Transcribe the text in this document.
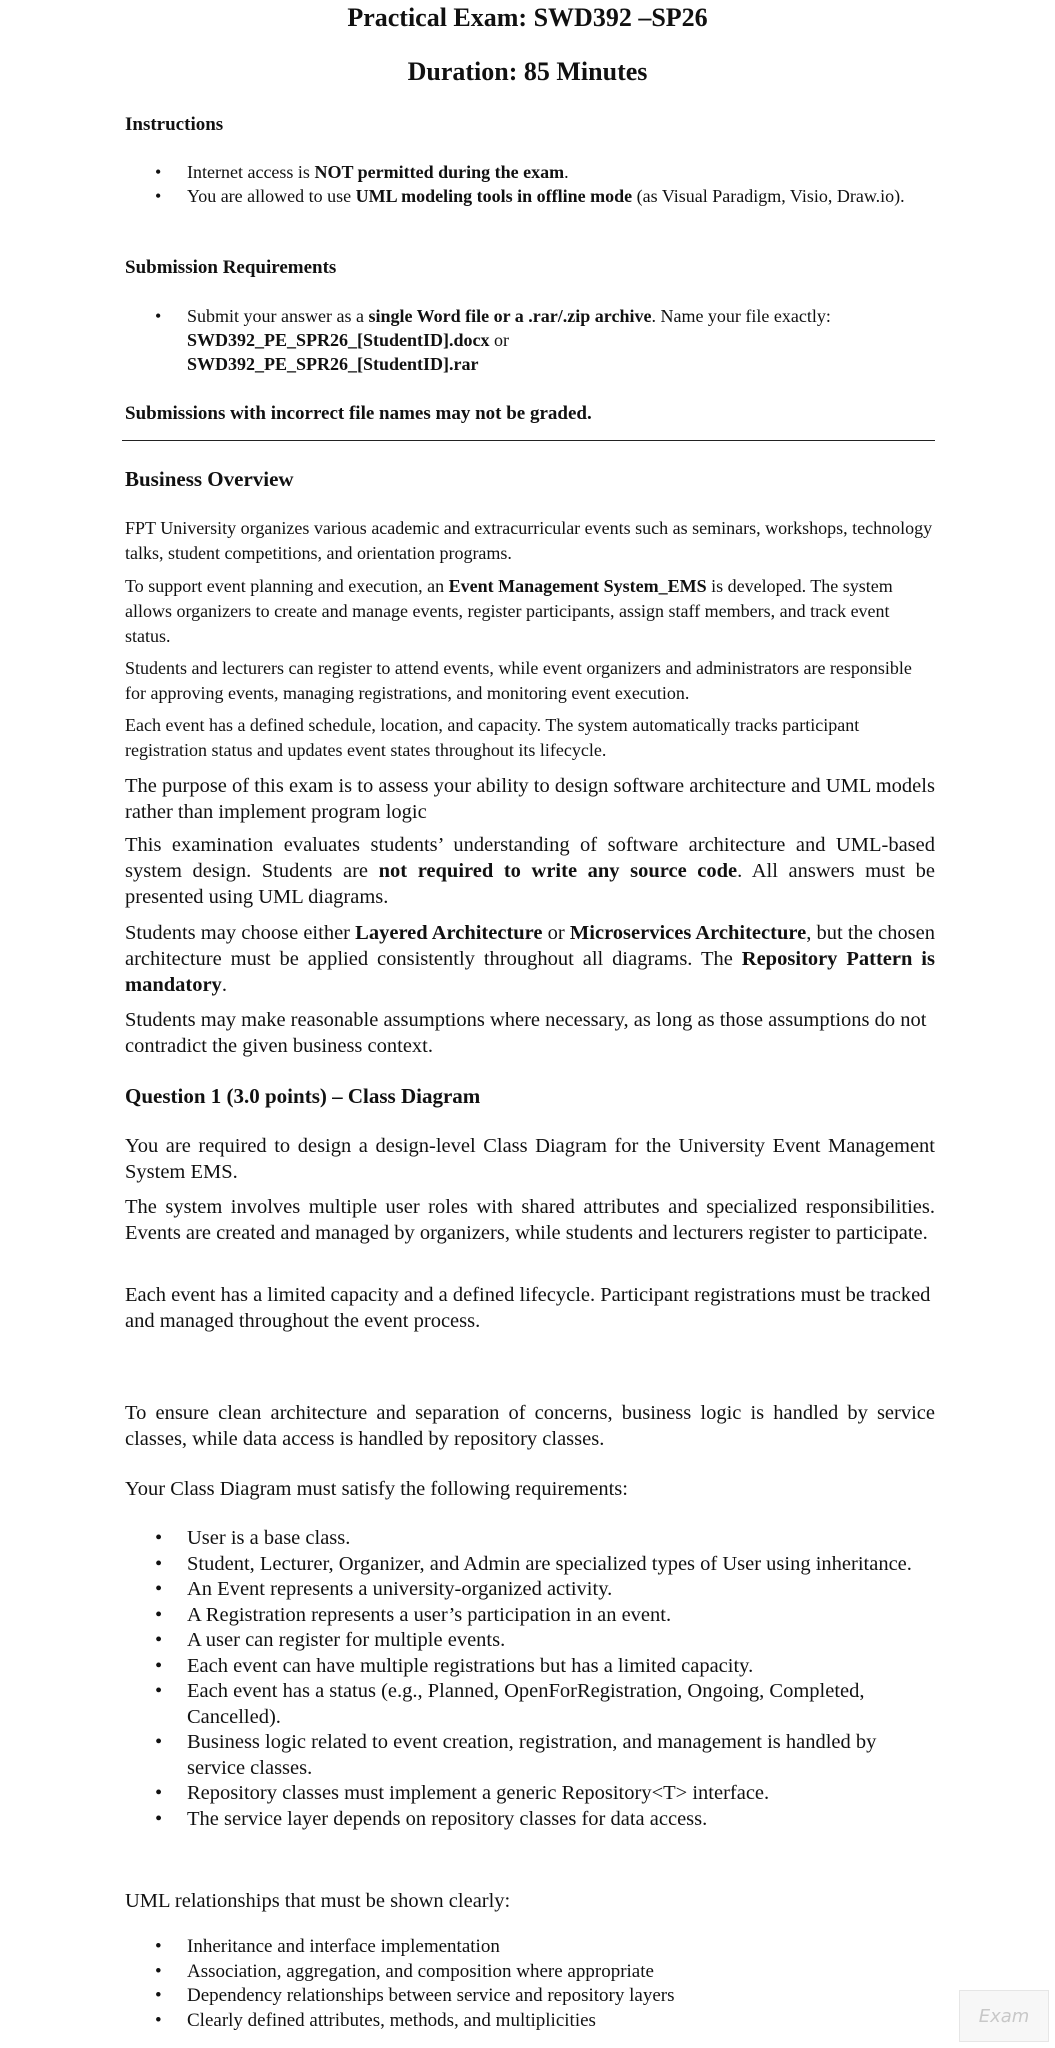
Practical Exam: SWD392 –SP26
Duration: 85 Minutes
Instructions
• Internet access is NOT permitted during the exam.
• You are allowed to use UML modeling tools in offline mode (as Visual Paradigm, Visio, Draw.io).
Submission Requirements
• Submit your answer as a single Word file or a .rar/.zip archive. Name your file exactly:
SWD392_PE_SPR26_[StudentID].docx or
SWD392_PE_SPR26_[StudentID].rar
Submissions with incorrect file names may not be graded.
Business Overview

FPT University organizes various academic and extracurricular events such as seminars, workshops, technology talks, student competitions, and orientation programs.

To support event planning and execution, an Event Management System_EMS is developed. The system allows organizers to create and manage events, register participants, assign staff members, and track event status.

Students and lecturers can register to attend events, while event organizers and administrators are responsible for approving events, managing registrations, and monitoring event execution.

Each event has a defined schedule, location, and capacity. The system automatically tracks participant registration status and updates event states throughout its lifecycle.

The purpose of this exam is to assess your ability to design software architecture and UML models rather than implement program logic

This examination evaluates students’ understanding of software architecture and UML-based system design. Students are not required to write any source code. All answers must be presented using UML diagrams.

Students may choose either Layered Architecture or Microservices Architecture, but the chosen architecture must be applied consistently throughout all diagrams. The Repository Pattern is mandatory.

Students may make reasonable assumptions where necessary, as long as those assumptions do not contradict the given business context.

Question 1 (3.0 points) – Class Diagram

You are required to design a design-level Class Diagram for the University Event Management System EMS.

The system involves multiple user roles with shared attributes and specialized responsibilities. Events are created and managed by organizers, while students and lecturers register to participate.

Each event has a limited capacity and a defined lifecycle. Participant registrations must be tracked and managed throughout the event process.

To ensure clean architecture and separation of concerns, business logic is handled by service classes, while data access is handled by repository classes.

Your Class Diagram must satisfy the following requirements:

• User is a base class.
• Student, Lecturer, Organizer, and Admin are specialized types of User using inheritance.
• An Event represents a university-organized activity.
• A Registration represents a user’s participation in an event.
• A user can register for multiple events.
• Each event can have multiple registrations but has a limited capacity.
• Each event has a status (e.g., Planned, OpenForRegistration, Ongoing, Completed, Cancelled).
• Business logic related to event creation, registration, and management is handled by service classes.
• Repository classes must implement a generic Repository<T> interface.
• The service layer depends on repository classes for data access.

UML relationships that must be shown clearly:

• Inheritance and interface implementation
• Association, aggregation, and composition where appropriate
• Dependency relationships between service and repository layers
• Clearly defined attributes, methods, and multiplicities	Exam
